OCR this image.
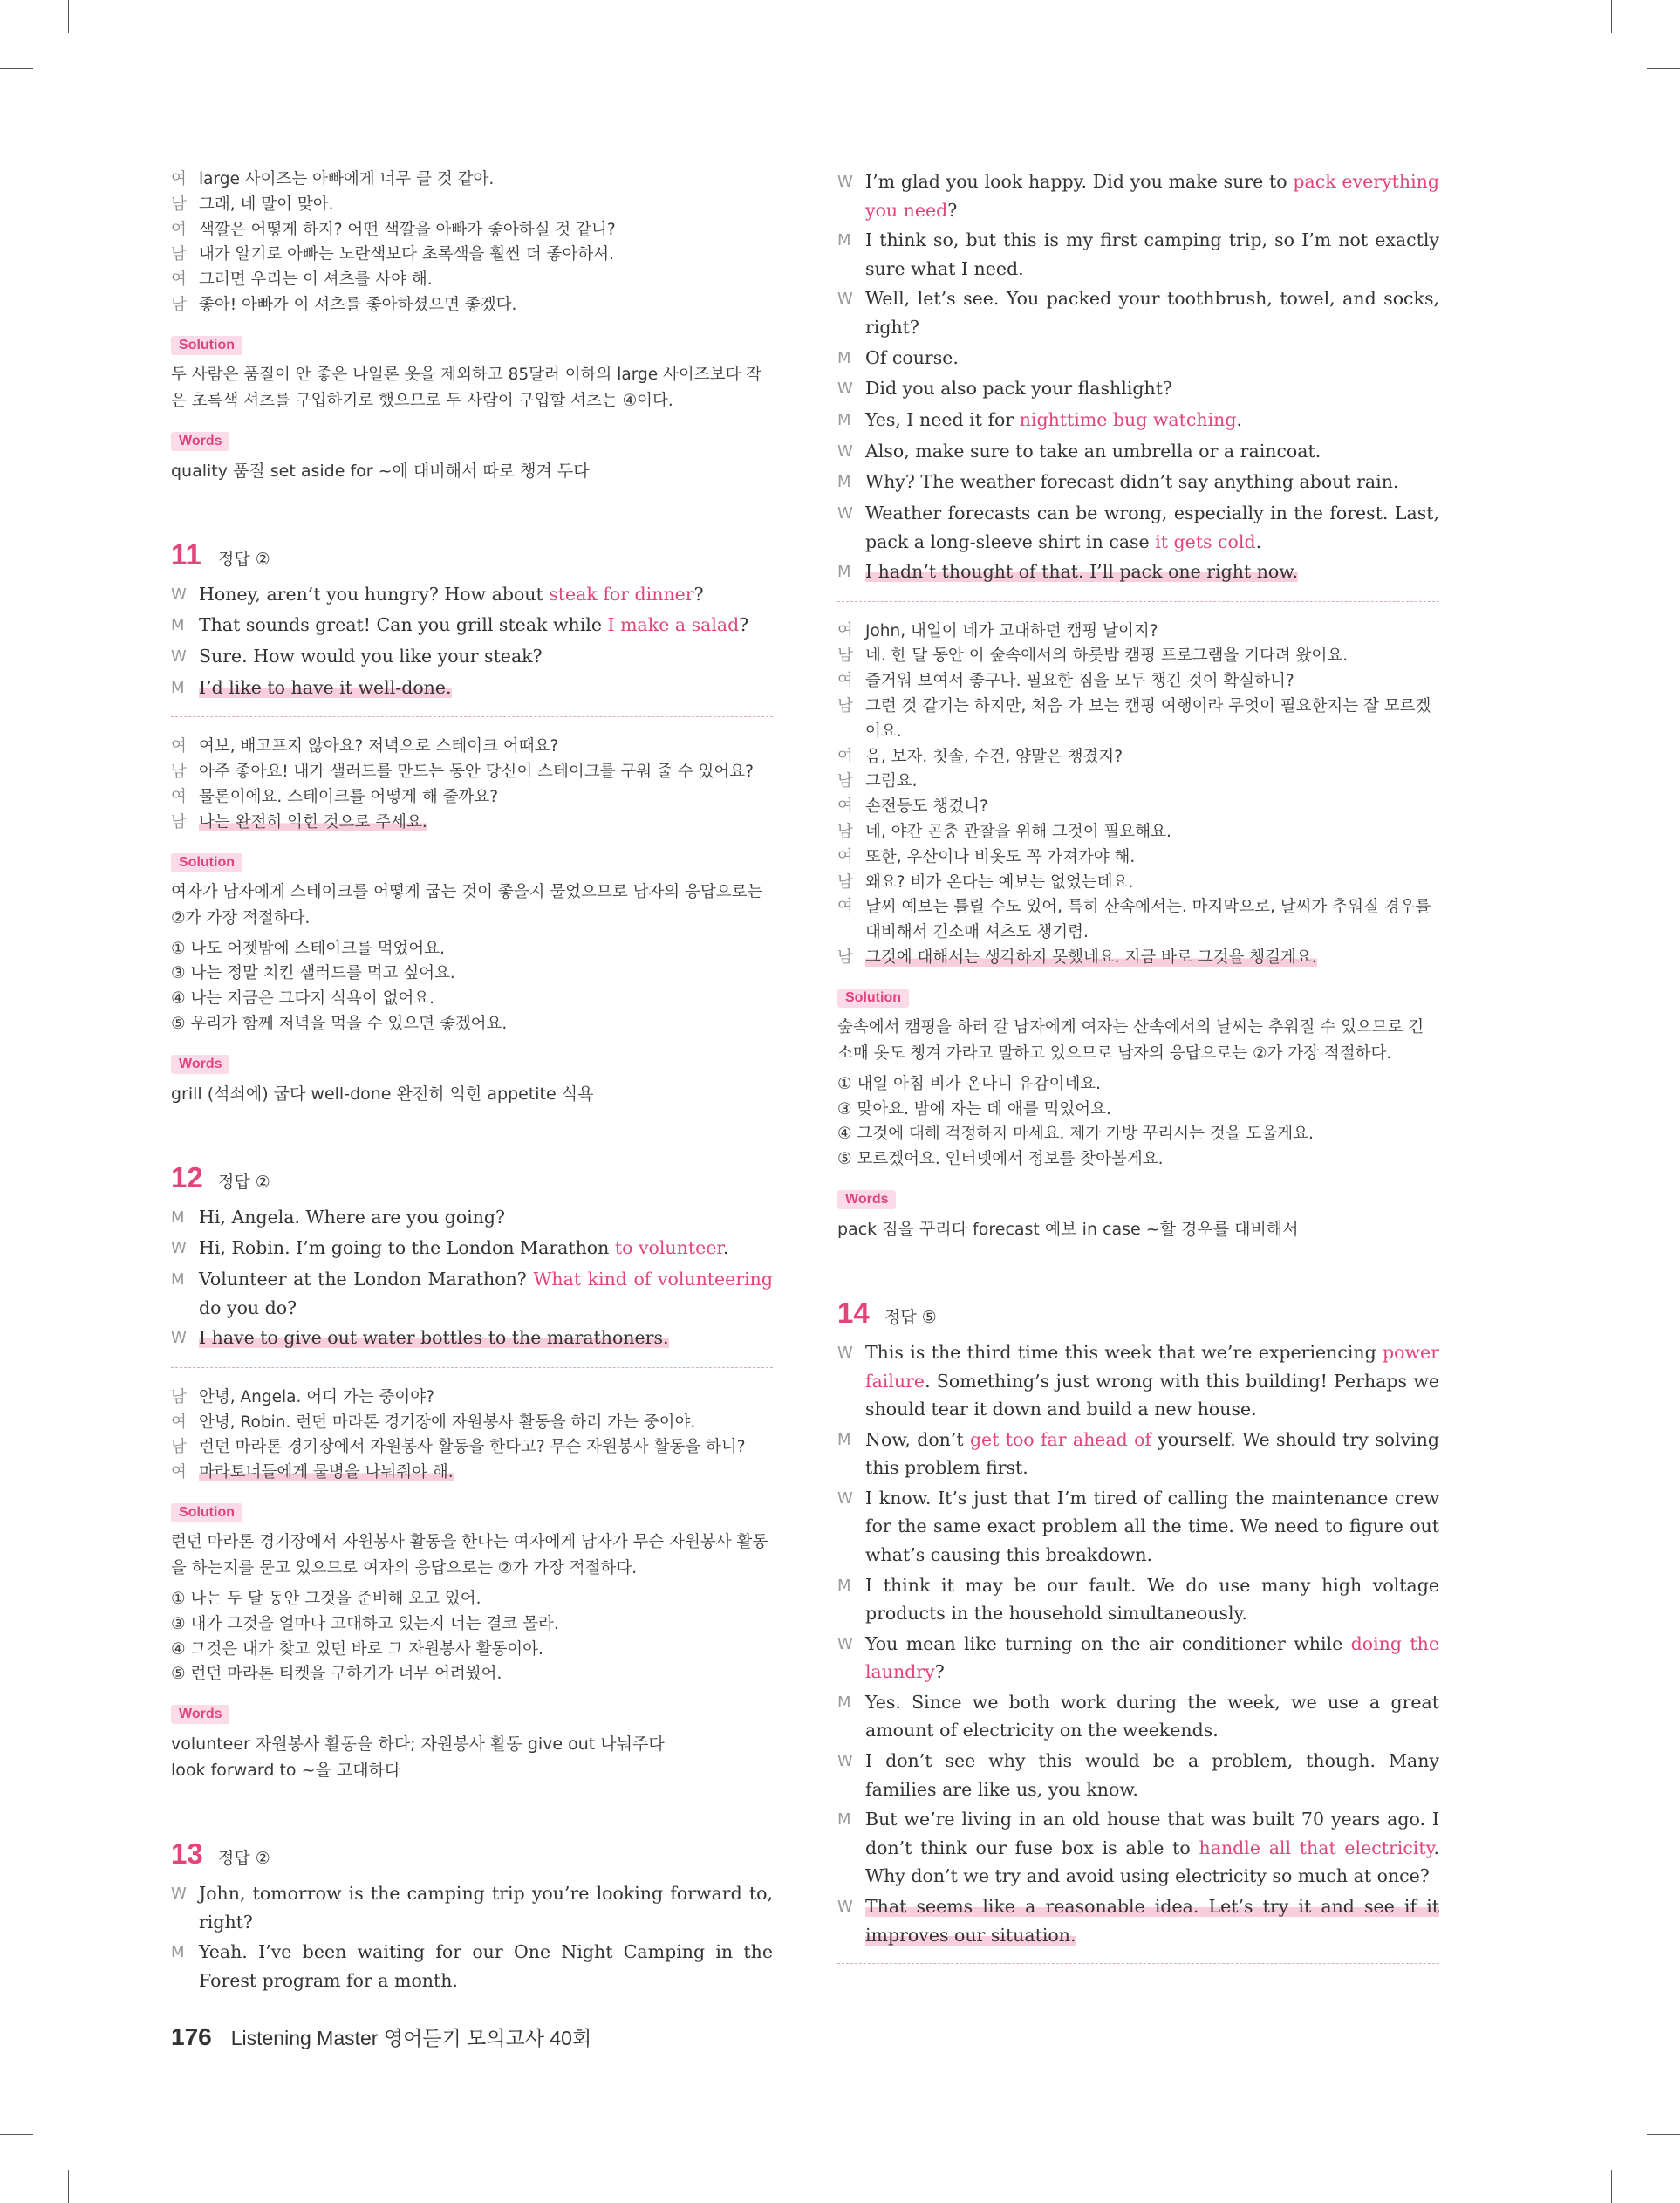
여 large 사이즈는 아빠에게 너무 클 것 같아.
남 그래, 네 말이 맞아.
여 색깔은 어떻게 하지? 어떤 색깔을 아빠가 좋아하실 것 같니?
남 내가 알기로 아빠는 노란색보다 초록색을 훨씬 더 좋아하셔.
여 그러면 우리는 이 셔츠를 사야 해.
남 좋아! 아빠가 이 셔츠를 좋아하셨으면 좋겠다.
Solution
두 사람은 품질이 안 좋은 나일론 옷을 제외하고 85달러 이하의 large 사이즈보다 작은 초록색 셔츠를 구입하기로 했으므로 두 사람이 구입할 셔츠는 ④이다.
Words
quality 품질 set aside for ~에 대비해서 따로 챙겨 두다
11	정답 ②
W Honey, aren’t you hungry? How about steak for dinner?
M That sounds great! Can you grill steak while I make a salad?
W Sure. How would you like your steak?
M I’d like to have it well-done.
여 여보, 배고프지 않아요? 저녁으로 스테이크 어때요?
남 아주 좋아요! 내가 샐러드를 만드는 동안 당신이 스테이크를 구워 줄 수 있어요?
여 물론이에요. 스테이크를 어떻게 해 줄까요?
남 나는 완전히 익힌 것으로 주세요.
Solution
여자가 남자에게 스테이크를 어떻게 굽는 것이 좋을지 물었으므로 남자의 응답으로는 ②가 가장 적절하다.
① 나도 어젯밤에 스테이크를 먹었어요.
③ 나는 정말 치킨 샐러드를 먹고 싶어요.
④ 나는 지금은 그다지 식욕이 없어요.
⑤ 우리가 함께 저녁을 먹을 수 있으면 좋겠어요.
Words
grill (석쇠에) 굽다 well-done 완전히 익힌 appetite 식욕
12 정답 ②
M Hi, Angela. Where are you going?
W Hi, Robin. I’m going to the London Marathon to volunteer.
M Volunteer at the London Marathon? What kind of volunteering do you do?
W I have to give out water bottles to the marathoners.
남 안녕, Angela. 어디 가는 중이야?
여 안녕, Robin. 런던 마라톤 경기장에 자원봉사 활동을 하러 가는 중이야.
남 런던 마라톤 경기장에서 자원봉사 활동을 한다고? 무슨 자원봉사 활동을 하니?
여 마라토너들에게 물병을 나눠줘야 해.
Solution
런던 마라톤 경기장에서 자원봉사 활동을 한다는 여자에게 남자가 무슨 자원봉사 활동을 하는지를 묻고 있으므로 여자의 응답으로는 ②가 가장 적절하다.
① 나는 두 달 동안 그것을 준비해 오고 있어.
③ 내가 그것을 얼마나 고대하고 있는지 너는 결코 몰라.
④ 그것은 내가 찾고 있던 바로 그 자원봉사 활동이야.
⑤ 런던 마라톤 티켓을 구하기가 너무 어려웠어.
Words
volunteer 자원봉사 활동을 하다; 자원봉사 활동 give out 나눠주다
look forward to ~을 고대하다
13 정답 ②
W John, tomorrow is the camping trip you’re looking forward to, right?
M Yeah. I’ve been waiting for our One Night Camping in the Forest program for a month.
W I’m glad you look happy. Did you make sure to pack everything you need?
M I think so, but this is my first camping trip, so I’m not exactly sure what I need.
W Well, let’s see. You packed your toothbrush, towel, and socks, right?
M Of course.
W Did you also pack your flashlight?
M Yes, I need it for nighttime bug watching.
W Also, make sure to take an umbrella or a raincoat.
M Why? The weather forecast didn’t say anything about rain.
W Weather forecasts can be wrong, especially in the forest. Last, pack a long-sleeve shirt in case it gets cold.
M I hadn’t thought of that. I’ll pack one right now.
여 John, 내일이 네가 고대하던 캠핑 날이지?
남 네. 한 달 동안 이 숲속에서의 하룻밤 캠핑 프로그램을 기다려 왔어요.
여 즐거워 보여서 좋구나. 필요한 짐을 모두 챙긴 것이 확실하니?
남 그런 것 같기는 하지만, 처음 가 보는 캠핑 여행이라 무엇이 필요한지는 잘 모르겠어요.
여 음, 보자. 칫솔, 수건, 양말은 챙겼지?
남 그럼요.
여 손전등도 챙겼니?
남 네, 야간 곤충 관찰을 위해 그것이 필요해요.
여 또한, 우산이나 비옷도 꼭 가져가야 해.
남 왜요? 비가 온다는 예보는 없었는데요.
여 날씨 예보는 틀릴 수도 있어, 특히 산속에서는. 마지막으로, 날씨가 추워질 경우를 대비해서 긴소매 셔츠도 챙기렴.
남 그것에 대해서는 생각하지 못했네요. 지금 바로 그것을 챙길게요.
Solution
숲속에서 캠핑을 하러 갈 남자에게 여자는 산속에서의 날씨는 추워질 수 있으므로 긴소매 옷도 챙겨 가라고 말하고 있으므로 남자의 응답으로는 ②가 가장 적절하다.
① 내일 아침 비가 온다니 유감이네요.
③ 맞아요. 밤에 자는 데 애를 먹었어요.
④ 그것에 대해 걱정하지 마세요. 제가 가방 꾸리시는 것을 도울게요.
⑤ 모르겠어요. 인터넷에서 정보를 찾아볼게요.
Words
pack 짐을 꾸리다 forecast 예보 in case ~할 경우를 대비해서
14 정답 ⑤
W This is the third time this week that we’re experiencing power failure. Something’s just wrong with this building! Perhaps we should tear it down and build a new house.
M Now, don’t get too far ahead of yourself. We should try solving this problem first.
W I know. It’s just that I’m tired of calling the maintenance crew for the same exact problem all the time. We need to figure out what’s causing this breakdown.
M I think it may be our fault. We do use many high voltage products in the household simultaneously.
W You mean like turning on the air conditioner while doing the laundry?
M Yes. Since we both work during the week, we use a great amount of electricity on the weekends.
W I don’t see why this would be a problem, though. Many families are like us, you know.
M But we’re living in an old house that was built 70 years ago. I don’t think our fuse box is able to handle all that electricity. Why don’t we try and avoid using electricity so much at once?
W That seems like a reasonable idea. Let’s try it and see if it improves our situation.
176 Listening Master 영어듣기 모의고사 40회
